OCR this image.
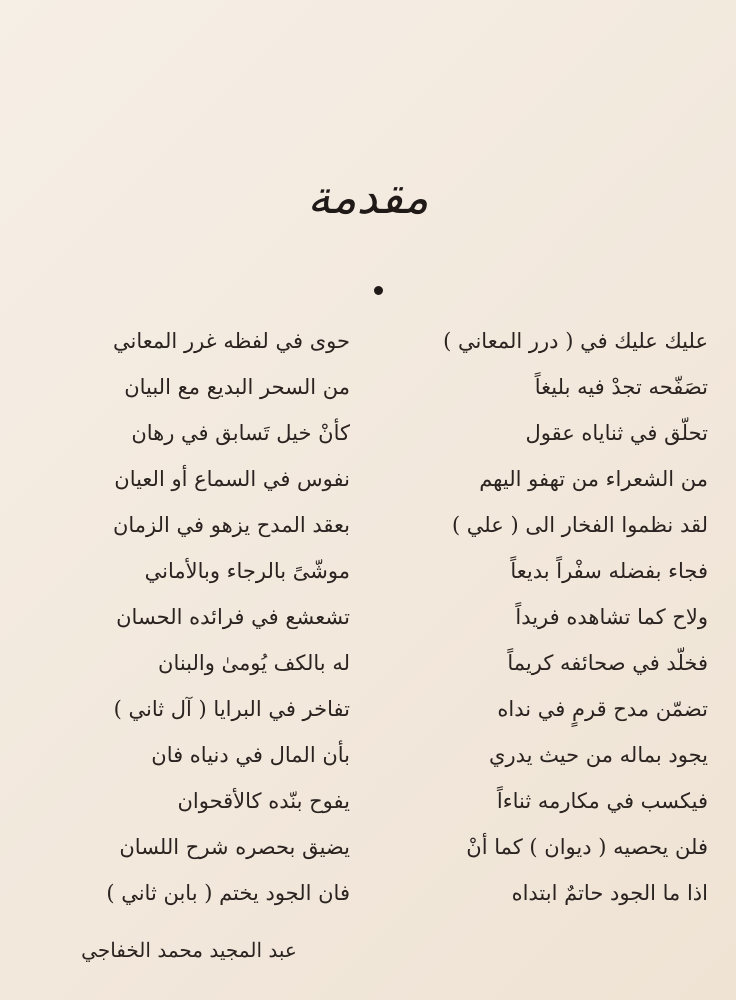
مقدمة
عليك عليك في ( درر المعاني )
تصَفّحه تجدْ فيه بليغاً
تحلّق في ثناياه عقول
من الشعراء من تهفو اليهم
لقد نظموا الفخار الى ( علي )
فجاء بفضله سفْراً بديعاً
ولاح كما تشاهده فريداً
فخلّد في صحائفه كريماً
تضمّن مدح قرمٍ في نداه
يجود بماله من حيث يدري
فيكسب في مكارمه ثناءاً
فلن يحصيه ( ديوان ) كما أنْ
اذا ما الجود حاتمٌ ابتداه
حوى في لفظه غرر المعاني
من السحر البديع مع البيان
كأنْ خيل تَسابق في رهان
نفوس في السماع أو العيان
بعقد المدح يزهو في الزمان
موشّىً بالرجاء وبالأماني
تشعشع في فرائده الحسان
له بالكف يُومىٰ والبنان
تفاخر في البرايا ( آل ثاني )
بأن المال في دنياه فان
يفوح بنّده كالأقحوان
يضيق بحصره شرح اللسان
فان الجود يختم ( بابن ثاني )
عبد المجيد محمد الخفاجي
